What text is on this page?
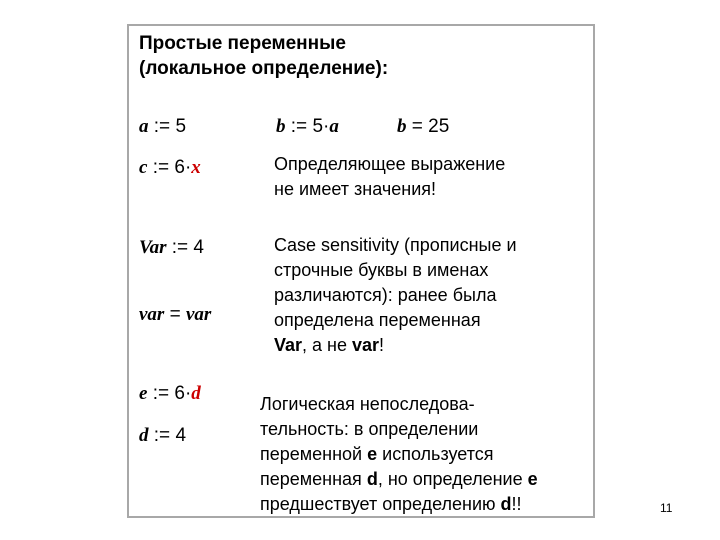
Простые переменные
(локальное определение):
a := 5	b := 5·a	b = 25
c := 6·x	Определяющее выражение

не имеет значения!

Var := 4
var = var

Case sensitivity (прописные и

строчные буквы в именах

различаются): ранее была

определена переменная

Var, а не var!

e := 6·d
d := 4

Логическая непоследова-

тельность: в определении

переменной e используется

переменная d, но определение e

предшествует определению d!!	11
